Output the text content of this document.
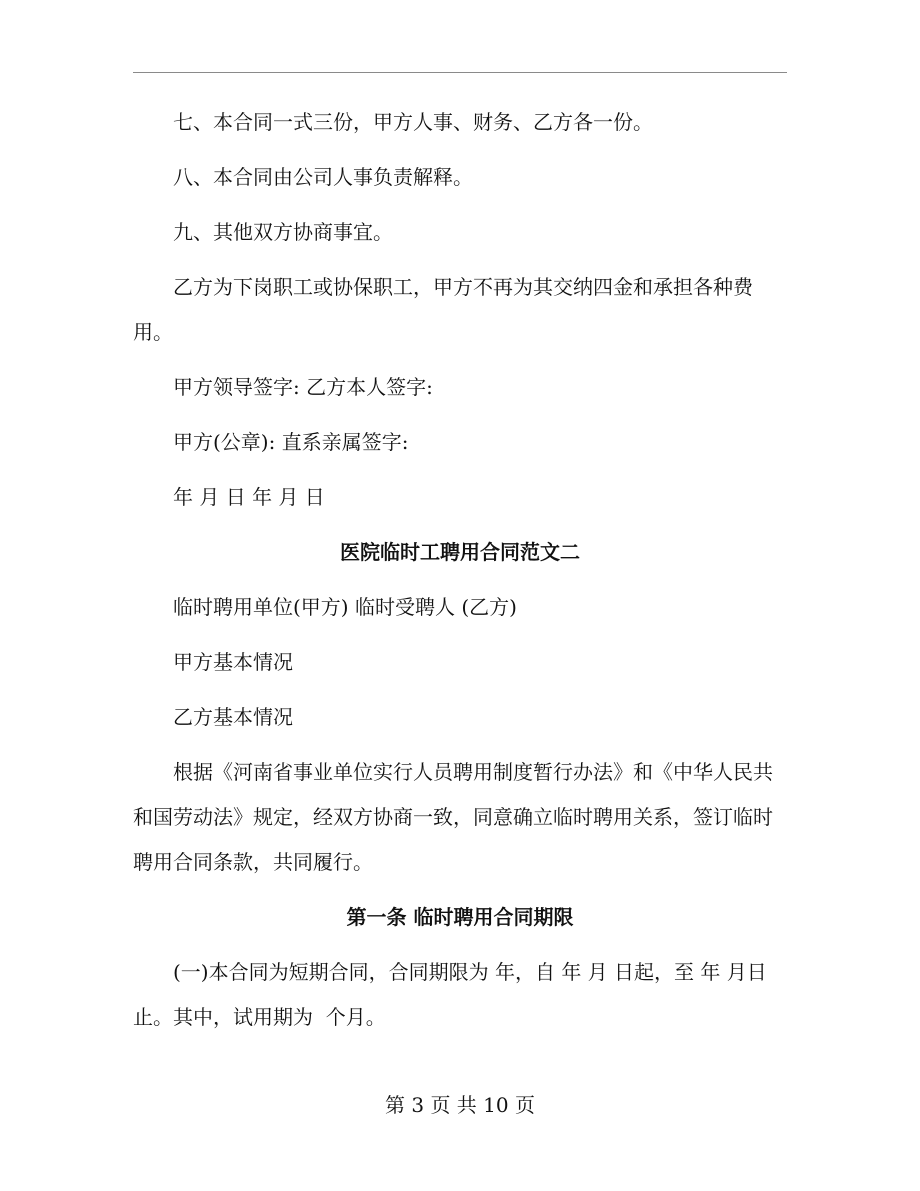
七、本合同一式三份，甲方人事、财务、乙方各一份。

八、本合同由公司人事负责解释。

九、其他双方协商事宜。

乙方为下岗职工或协保职工，甲方不再为其交纳四金和承担各种费用。

甲方领导签字: 乙方本人签字:

甲方(公章): 直系亲属签字:

年 月 日 年 月 日

医院临时工聘用合同范文二

临时聘用单位(甲方) 临时受聘人 (乙方)

甲方基本情况

乙方基本情况

根据《河南省事业单位实行人员聘用制度暂行办法》和《中华人民共和国劳动法》规定，经双方协商一致，同意确立临时聘用关系，签订临时聘用合同条款，共同履行。

第一条 临时聘用合同期限

(一)本合同为短期合同，合同期限为 年，自 年 月 日起，至 年 月日止。其中，试用期为  个月。

第 3 页 共 10 页
